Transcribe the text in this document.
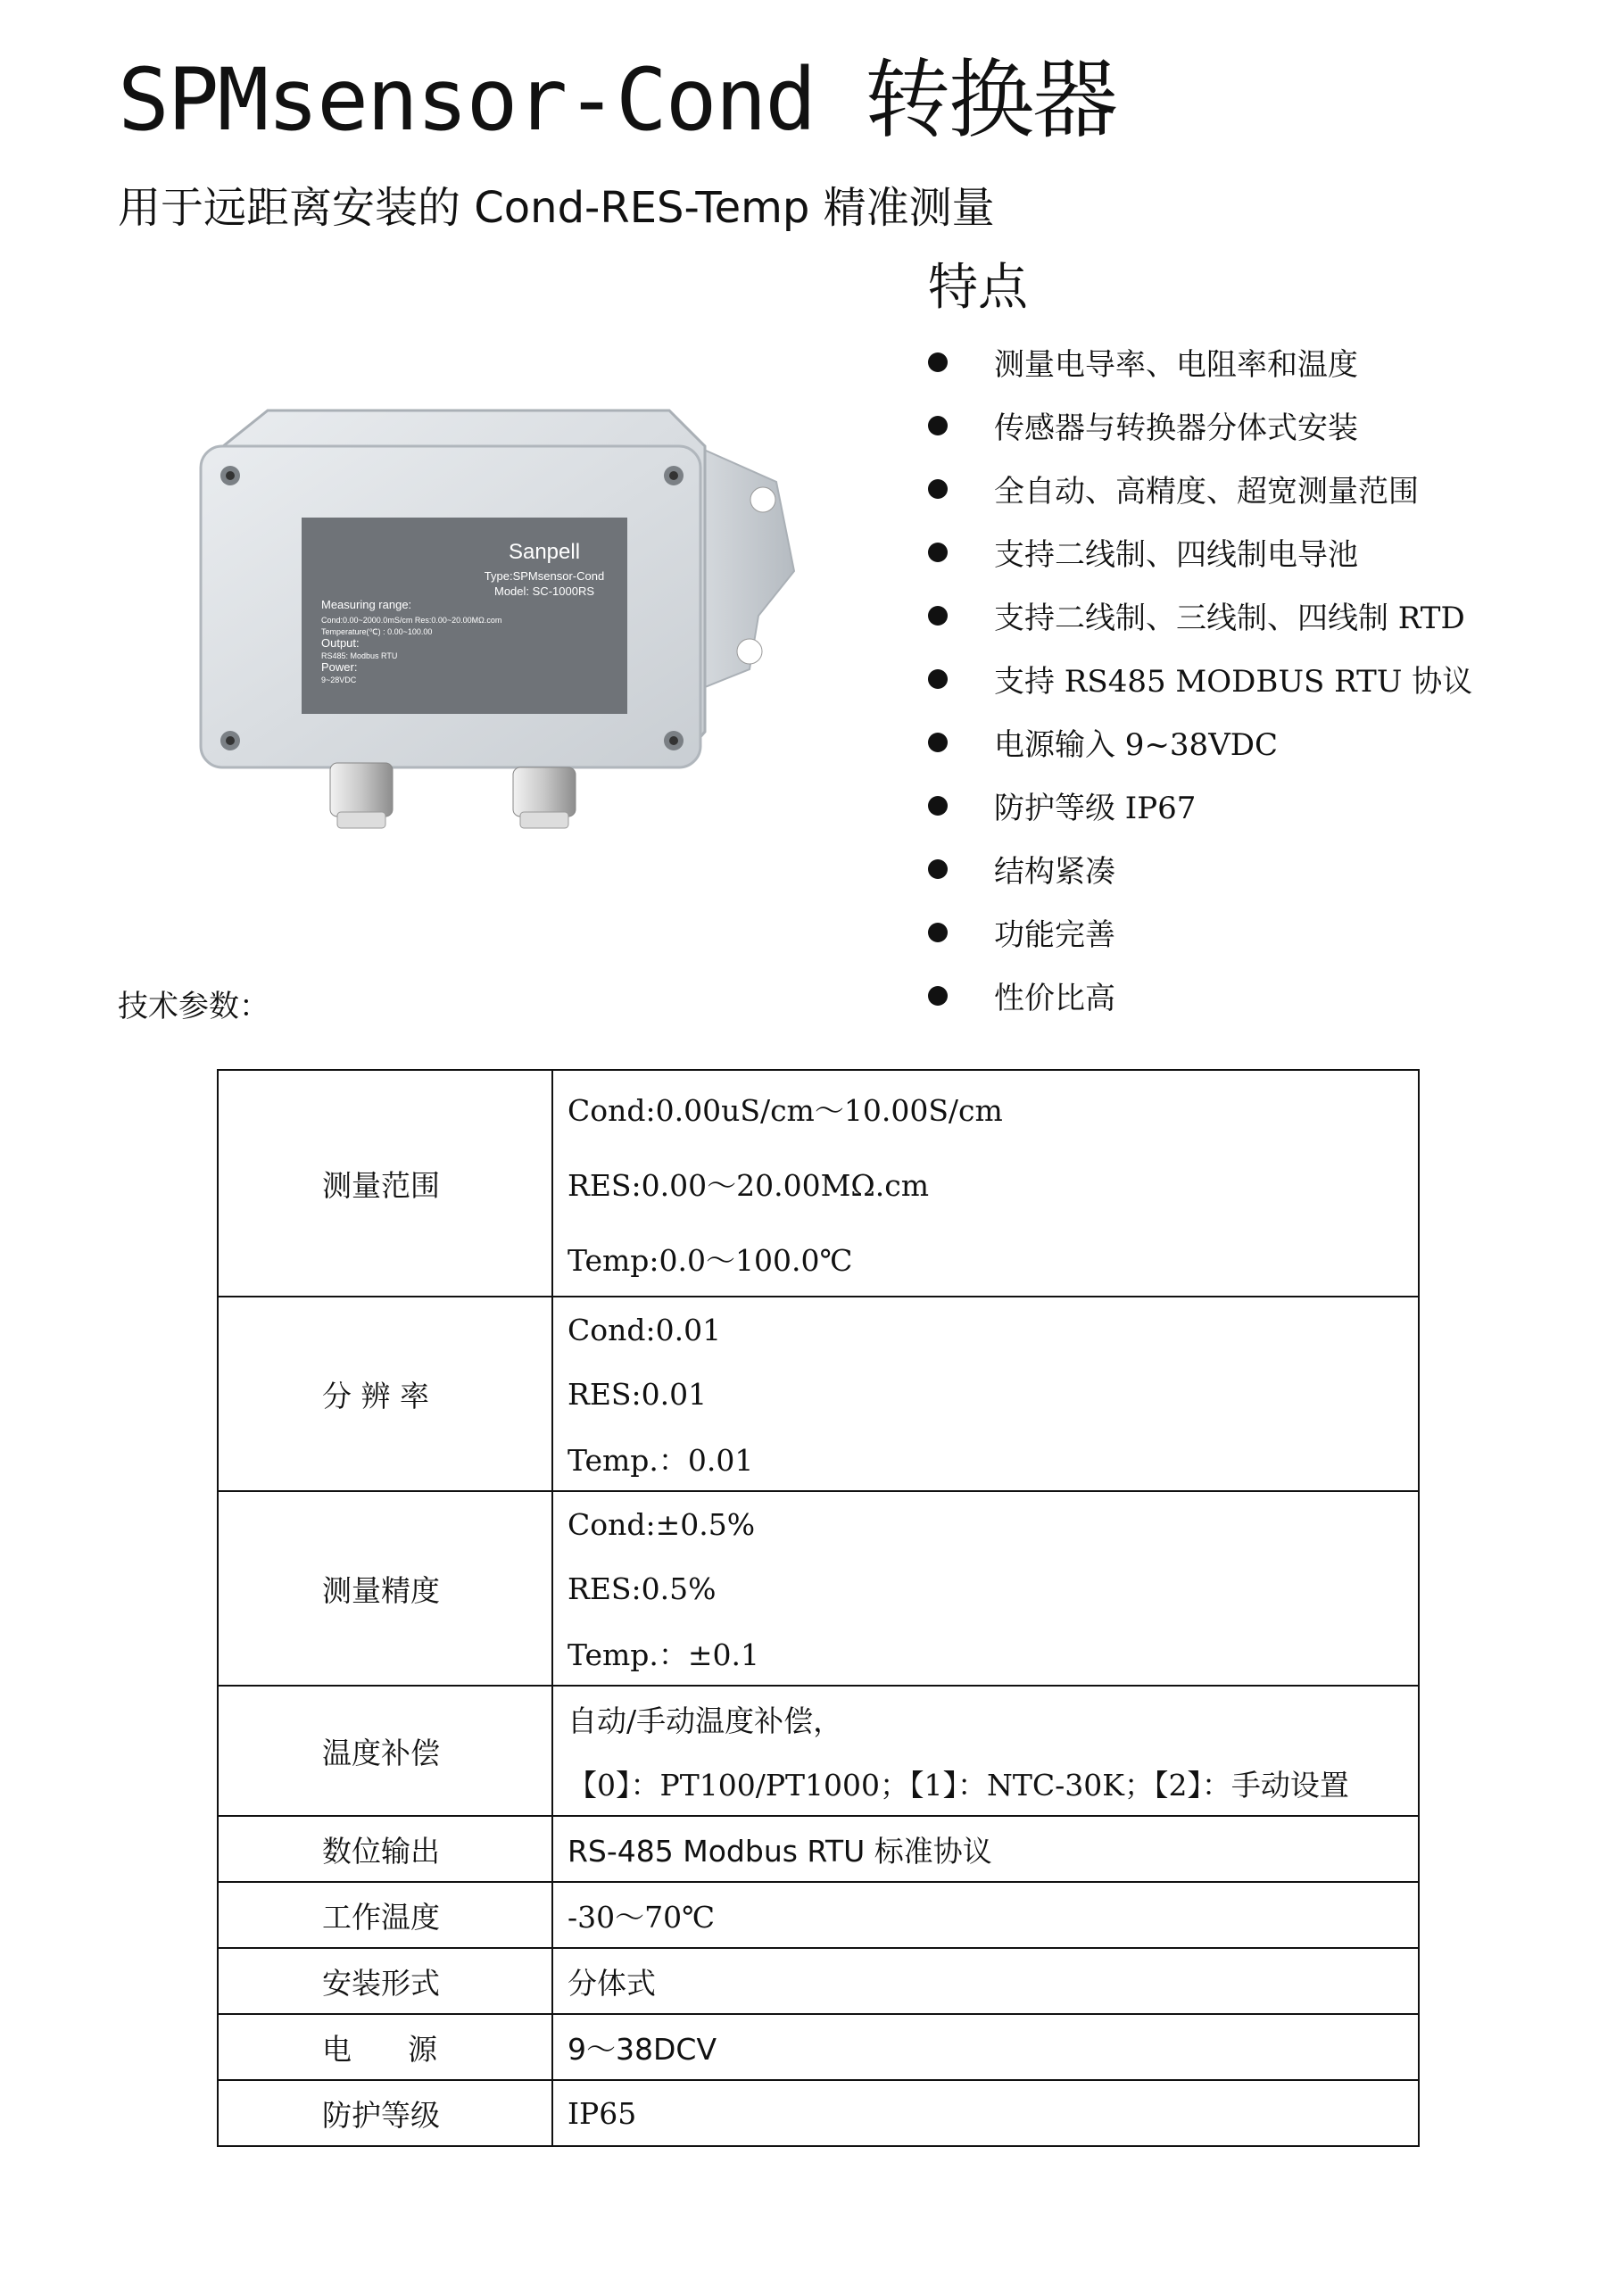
SPMsensor-Cond 转换器
用于远距离安装的 Cond-RES-Temp 精准测量
Sanpell
Type:SPMsensor-Cond
Model: SC-1000RS
Measuring range:
Cond:0.00~2000.0mS/cm Res:0.00~20.00MΩ.com
Temperature(℃) : 0.00~100.00
Output:
RS485: Modbus RTU
Power:
9~28VDC
特点
测量电导率、电阻率和温度
传感器与转换器分体式安装
全自动、高精度、超宽测量范围
支持二线制、四线制电导池
支持二线制、三线制、四线制 RTD
支持 RS485 MODBUS RTU 协议
电源输入 9~38VDC
防护等级 IP67
结构紧凑
功能完善
性价比高
技术参数：
测量范围	Cond:0.00uS/cm～10.00S/cm
RES:0.00～20.00MΩ.cm
Temp:0.0～100.0℃

分 辨 率	Cond:0.01
RES:0.01
Temp.：0.01

测量精度	Cond:±0.5%
RES:0.5%
Temp.：±0.1

温度补偿	自动/手动温度补偿，
【0】：PT100/PT1000；【1】：NTC-30K；【2】：手动设置

数位输出	RS-485 Modbus RTU 标准协议

工作温度	-30～70℃

安装形式	分体式

电      源	9～38DCV

防护等级	IP65
